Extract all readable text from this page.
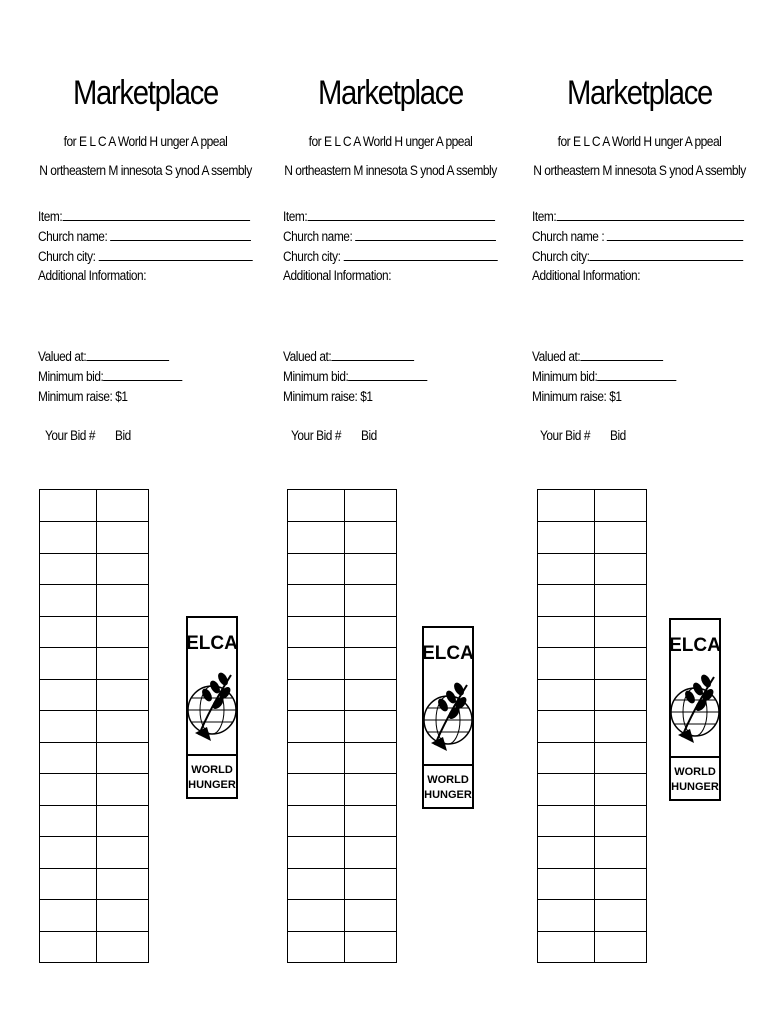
Marketplace
for E L C A World H unger A ppeal
N ortheastern M innesota S ynod A ssembly
Item:
Church name:
Church city:
Additional Information:
Valued at:
Minimum bid:
Minimum raise: $1
Your Bid # Bid
ELCA
WORLD
HUNGER
Marketplace
for E L C A World H unger A ppeal
N ortheastern M innesota S ynod A ssembly
Item:
Church name:
Church city:
Additional Information:
Valued at:
Minimum bid:
Minimum raise: $1
Your Bid # Bid
ELCA
WORLD
HUNGER
Marketplace
for E L C A World H unger A ppeal
N ortheastern M innesota S ynod A ssembly
Item:
Church name :
Church city:
Additional Information:
Valued at:
Minimum bid:
Minimum raise: $1
Your Bid # Bid
ELCA
WORLD
HUNGER
